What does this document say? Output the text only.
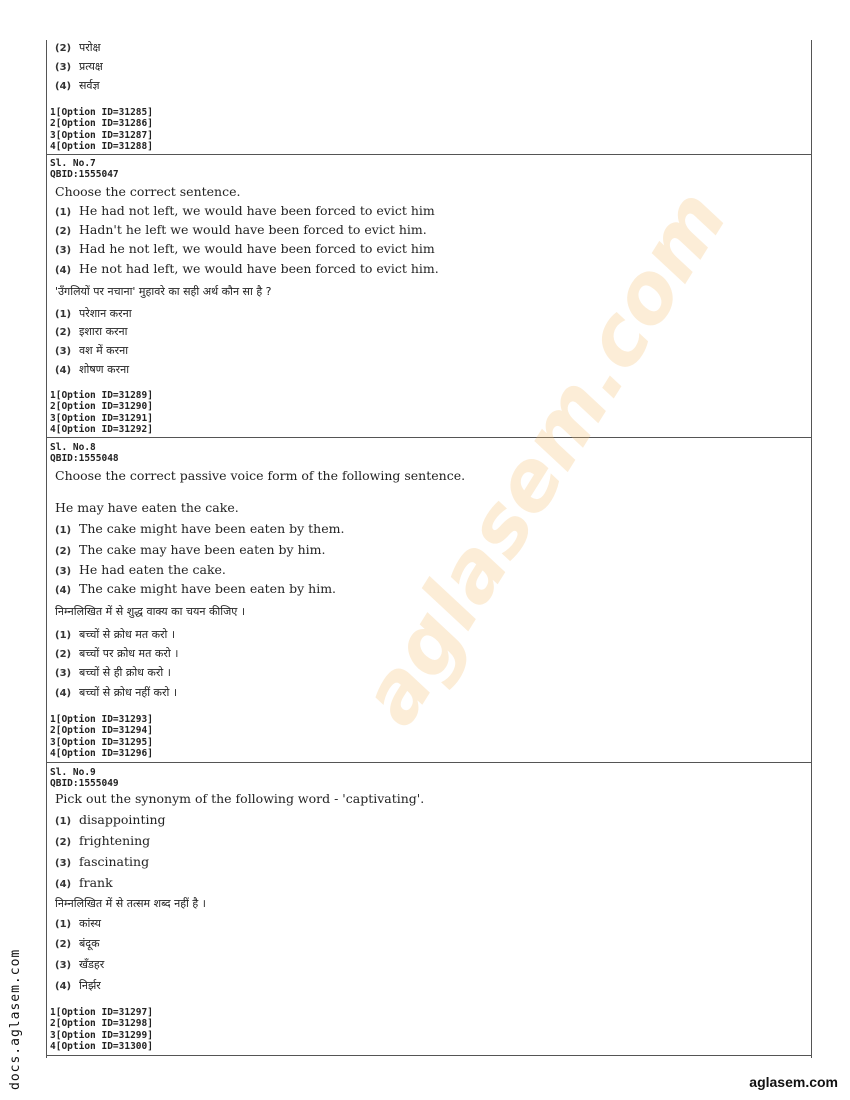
(2) परोक्ष
(3) प्रत्यक्ष
(4) सर्वज्ञ
1[Option ID=31285]
2[Option ID=31286]
3[Option ID=31287]
4[Option ID=31288]
Sl. No.7
QBID:1555047
Choose the correct sentence.
(1) He had not left, we would have been forced to evict him
(2) Hadn't he left we would have been forced to evict him.
(3) Had he not left, we would have been forced to evict him
(4) He not had left, we would have been forced to evict him.
'उँगलियों पर नचाना' मुहावरे का सही अर्थ कौन सा है ?
(1) परेशान करना
(2) इशारा करना
(3) वश में करना
(4) शोषण करना
1[Option ID=31289]
2[Option ID=31290]
3[Option ID=31291]
4[Option ID=31292]
Sl. No.8
QBID:1555048
Choose the correct passive voice form of the following sentence.
He may have eaten the cake.
(1) The cake might have been eaten by them.
(2) The cake may have been eaten by him.
(3) He had eaten the cake.
(4) The cake might have been eaten by him.
निम्नलिखित में से शुद्ध वाक्य का चयन कीजिए ।
(1) बच्चों से क्रोध मत करो ।
(2) बच्चों पर क्रोध मत करो ।
(3) बच्चों से ही क्रोध करो ।
(4) बच्चों से क्रोध नहीं करो ।
1[Option ID=31293]
2[Option ID=31294]
3[Option ID=31295]
4[Option ID=31296]
Sl. No.9
QBID:1555049
Pick out the synonym of the following word - 'captivating'.
(1) disappointing
(2) frightening
(3) fascinating
(4) frank
निम्नलिखित में से तत्सम शब्द नहीं है ।
(1) कांस्य
(2) बंदूक
(3) खँडहर
(4) निर्झर
1[Option ID=31297]
2[Option ID=31298]
3[Option ID=31299]
4[Option ID=31300]
aglasem.com
docs.aglasem.com	aglasem.com
